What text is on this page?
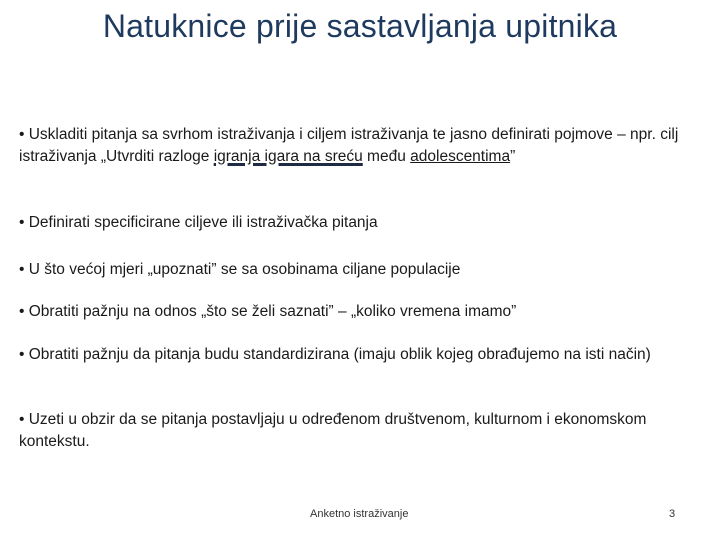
Natuknice prije sastavljanja upitnika

• Uskladiti pitanja sa svrhom istraživanja i ciljem istraživanja te jasno definirati pojmove – npr. cilj istraživanja „Utvrditi razloge igranja igara na sreću među adolescentima”

• Definirati specificirane ciljeve ili istraživačka pitanja

• U što većoj mjeri „upoznati” se sa osobinama ciljane populacije

• Obratiti pažnju na odnos „što se želi saznati” – „koliko vremena imamo”

• Obratiti pažnju da pitanja budu standardizirana (imaju oblik kojeg obrađujemo na isti način)

• Uzeti u obzir da se pitanja postavljaju u određenom društvenom, kulturnom i ekonomskom kontekstu.

Anketno istraživanje	3
